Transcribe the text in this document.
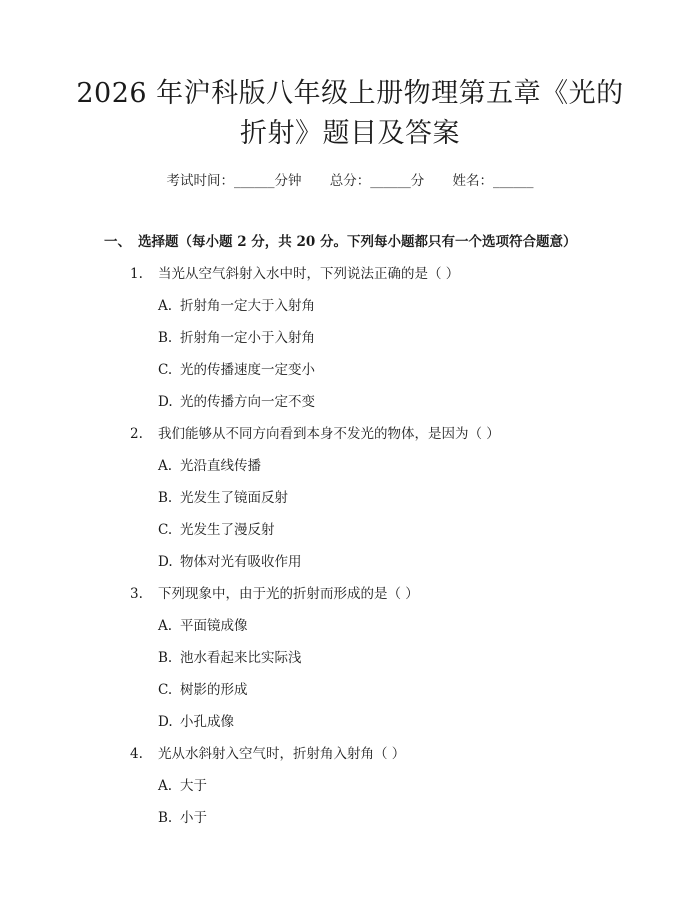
2026 年沪科版八年级上册物理第五章《光的
折射》题目及答案
考试时间：______分钟 总分：______分 姓名：______
一、 选择题（每小题 2 分，共 20 分。下列每小题都只有一个选项符合题意）
1. 当光从空气斜射入水中时，下列说法正确的是（ ）
A. 折射角一定大于入射角
B. 折射角一定小于入射角
C. 光的传播速度一定变小
D. 光的传播方向一定不变
2. 我们能够从不同方向看到本身不发光的物体，是因为（ ）
A. 光沿直线传播
B. 光发生了镜面反射
C. 光发生了漫反射
D. 物体对光有吸收作用
3. 下列现象中，由于光的折射而形成的是（ ）
A. 平面镜成像
B. 池水看起来比实际浅
C. 树影的形成
D. 小孔成像
4. 光从水斜射入空气时，折射角入射角（ ）
A. 大于
B. 小于
